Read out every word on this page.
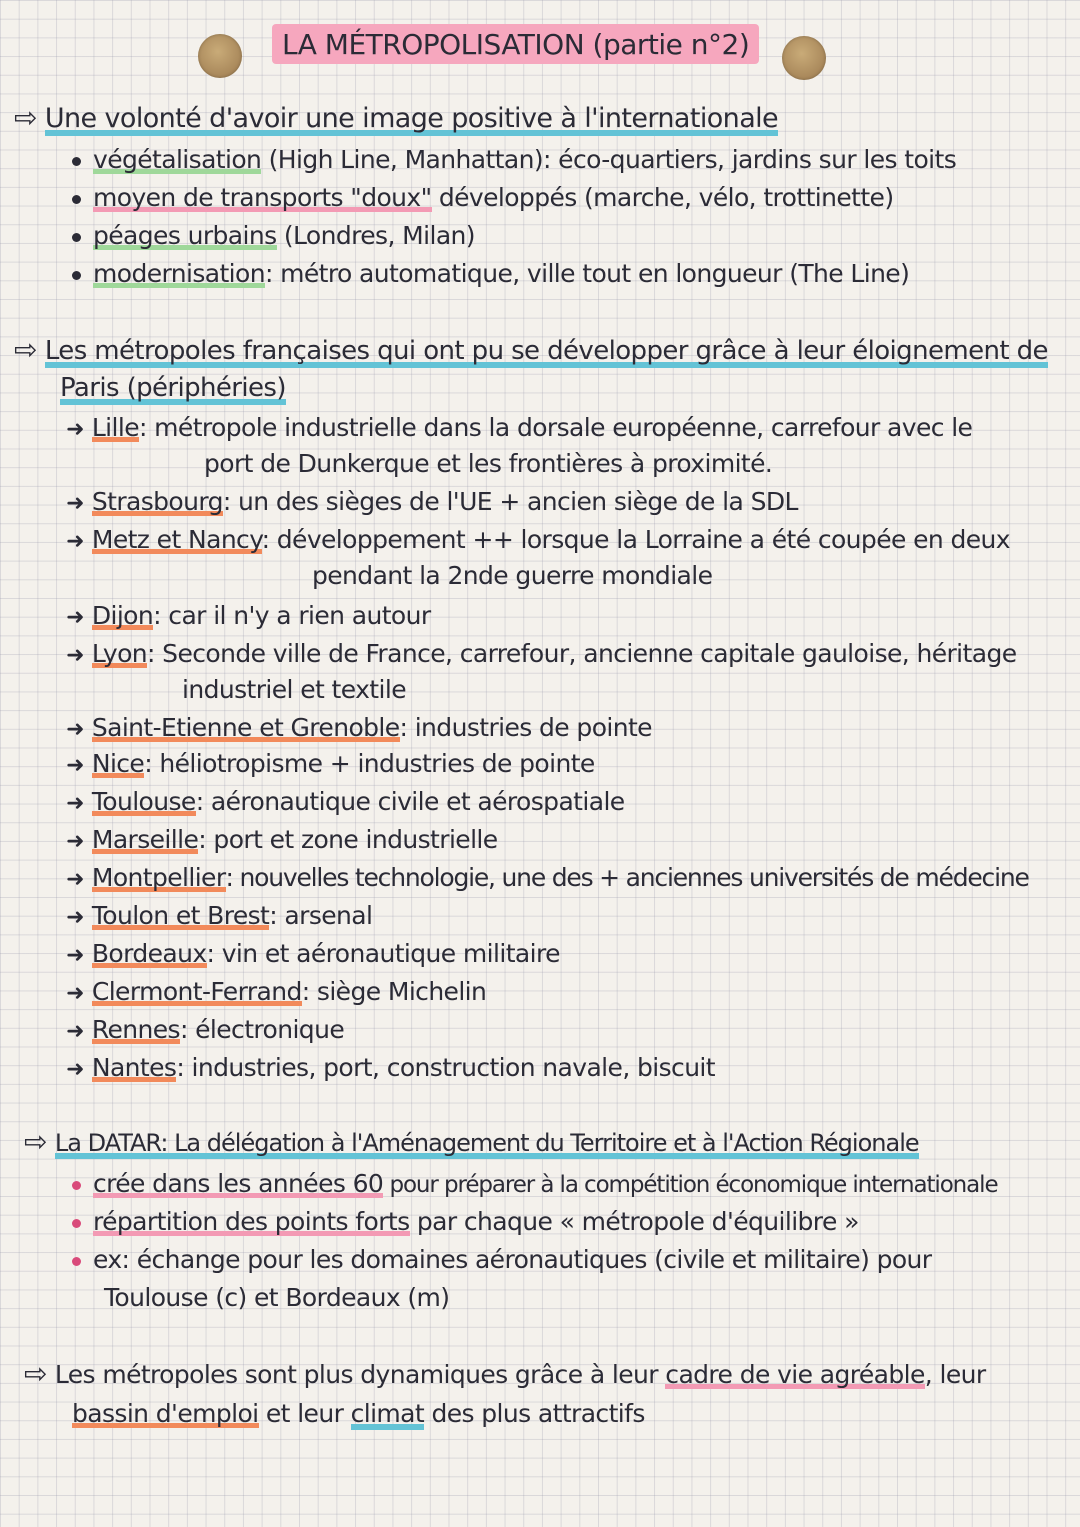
LA MÉTROPOLISATION (partie n°2)
⇨ Une volonté d'avoir une image positive à l'internationale
végétalisation (High Line, Manhattan): éco-quartiers, jardins sur les toits
moyen de transports "doux" développés (marche, vélo, trottinette)
péages urbains (Londres, Milan)
modernisation: métro automatique, ville tout en longueur (The Line)
⇨ Les métropoles françaises qui ont pu se développer grâce à leur éloignement de
Paris (périphéries)
➜ Lille: métropole industrielle dans la dorsale européenne, carrefour avec le
port de Dunkerque et les frontières à proximité.
➜ Strasbourg: un des sièges de l'UE + ancien siège de la SDL
➜ Metz et Nancy: développement ++ lorsque la Lorraine a été coupée en deux
pendant la 2nde guerre mondiale
➜ Dijon: car il n'y a rien autour
➜ Lyon: Seconde ville de France, carrefour, ancienne capitale gauloise, héritage
industriel et textile
➜ Saint-Etienne et Grenoble: industries de pointe
➜ Nice: héliotropisme + industries de pointe
➜ Toulouse: aéronautique civile et aérospatiale
➜ Marseille: port et zone industrielle
➜ Montpellier: nouvelles technologie, une des + anciennes universités de médecine
➜ Toulon et Brest: arsenal
➜ Bordeaux: vin et aéronautique militaire
➜ Clermont-Ferrand: siège Michelin
➜ Rennes: électronique
➜ Nantes: industries, port, construction navale, biscuit
⇨ La DATAR: La délégation à l'Aménagement du Territoire et à l'Action Régionale
crée dans les années 60 pour préparer à la compétition économique internationale
répartition des points forts par chaque « métropole d'équilibre »
ex: échange pour les domaines aéronautiques (civile et militaire) pour
Toulouse (c) et Bordeaux (m)
⇨ Les métropoles sont plus dynamiques grâce à leur cadre de vie agréable, leur
bassin d'emploi et leur climat des plus attractifs
